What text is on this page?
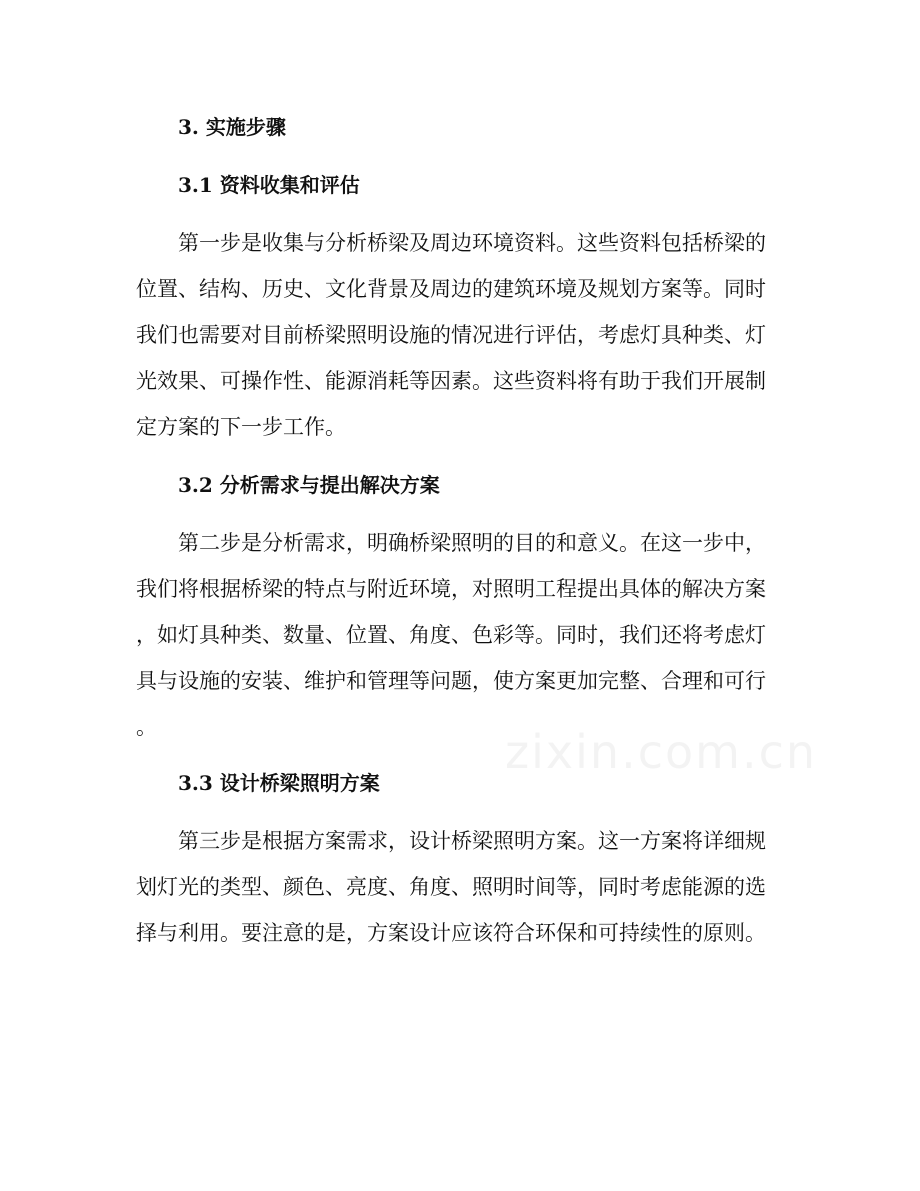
3. 实施步骤
3.1 资料收集和评估
第一步是收集与分析桥梁及周边环境资料。这些资料包括桥梁的
位置、结构、历史、文化背景及周边的建筑环境及规划方案等。同时
我们也需要对目前桥梁照明设施的情况进行评估，考虑灯具种类、灯
光效果、可操作性、能源消耗等因素。这些资料将有助于我们开展制
定方案的下一步工作。
3.2 分析需求与提出解决方案
第二步是分析需求，明确桥梁照明的目的和意义。在这一步中，
我们将根据桥梁的特点与附近环境，对照明工程提出具体的解决方案
，如灯具种类、数量、位置、角度、色彩等。同时，我们还将考虑灯
具与设施的安装、维护和管理等问题，使方案更加完整、合理和可行
。
3.3 设计桥梁照明方案
第三步是根据方案需求，设计桥梁照明方案。这一方案将详细规
划灯光的类型、颜色、亮度、角度、照明时间等，同时考虑能源的选
择与利用。要注意的是，方案设计应该符合环保和可持续性的原则。
zixin.com.cn
